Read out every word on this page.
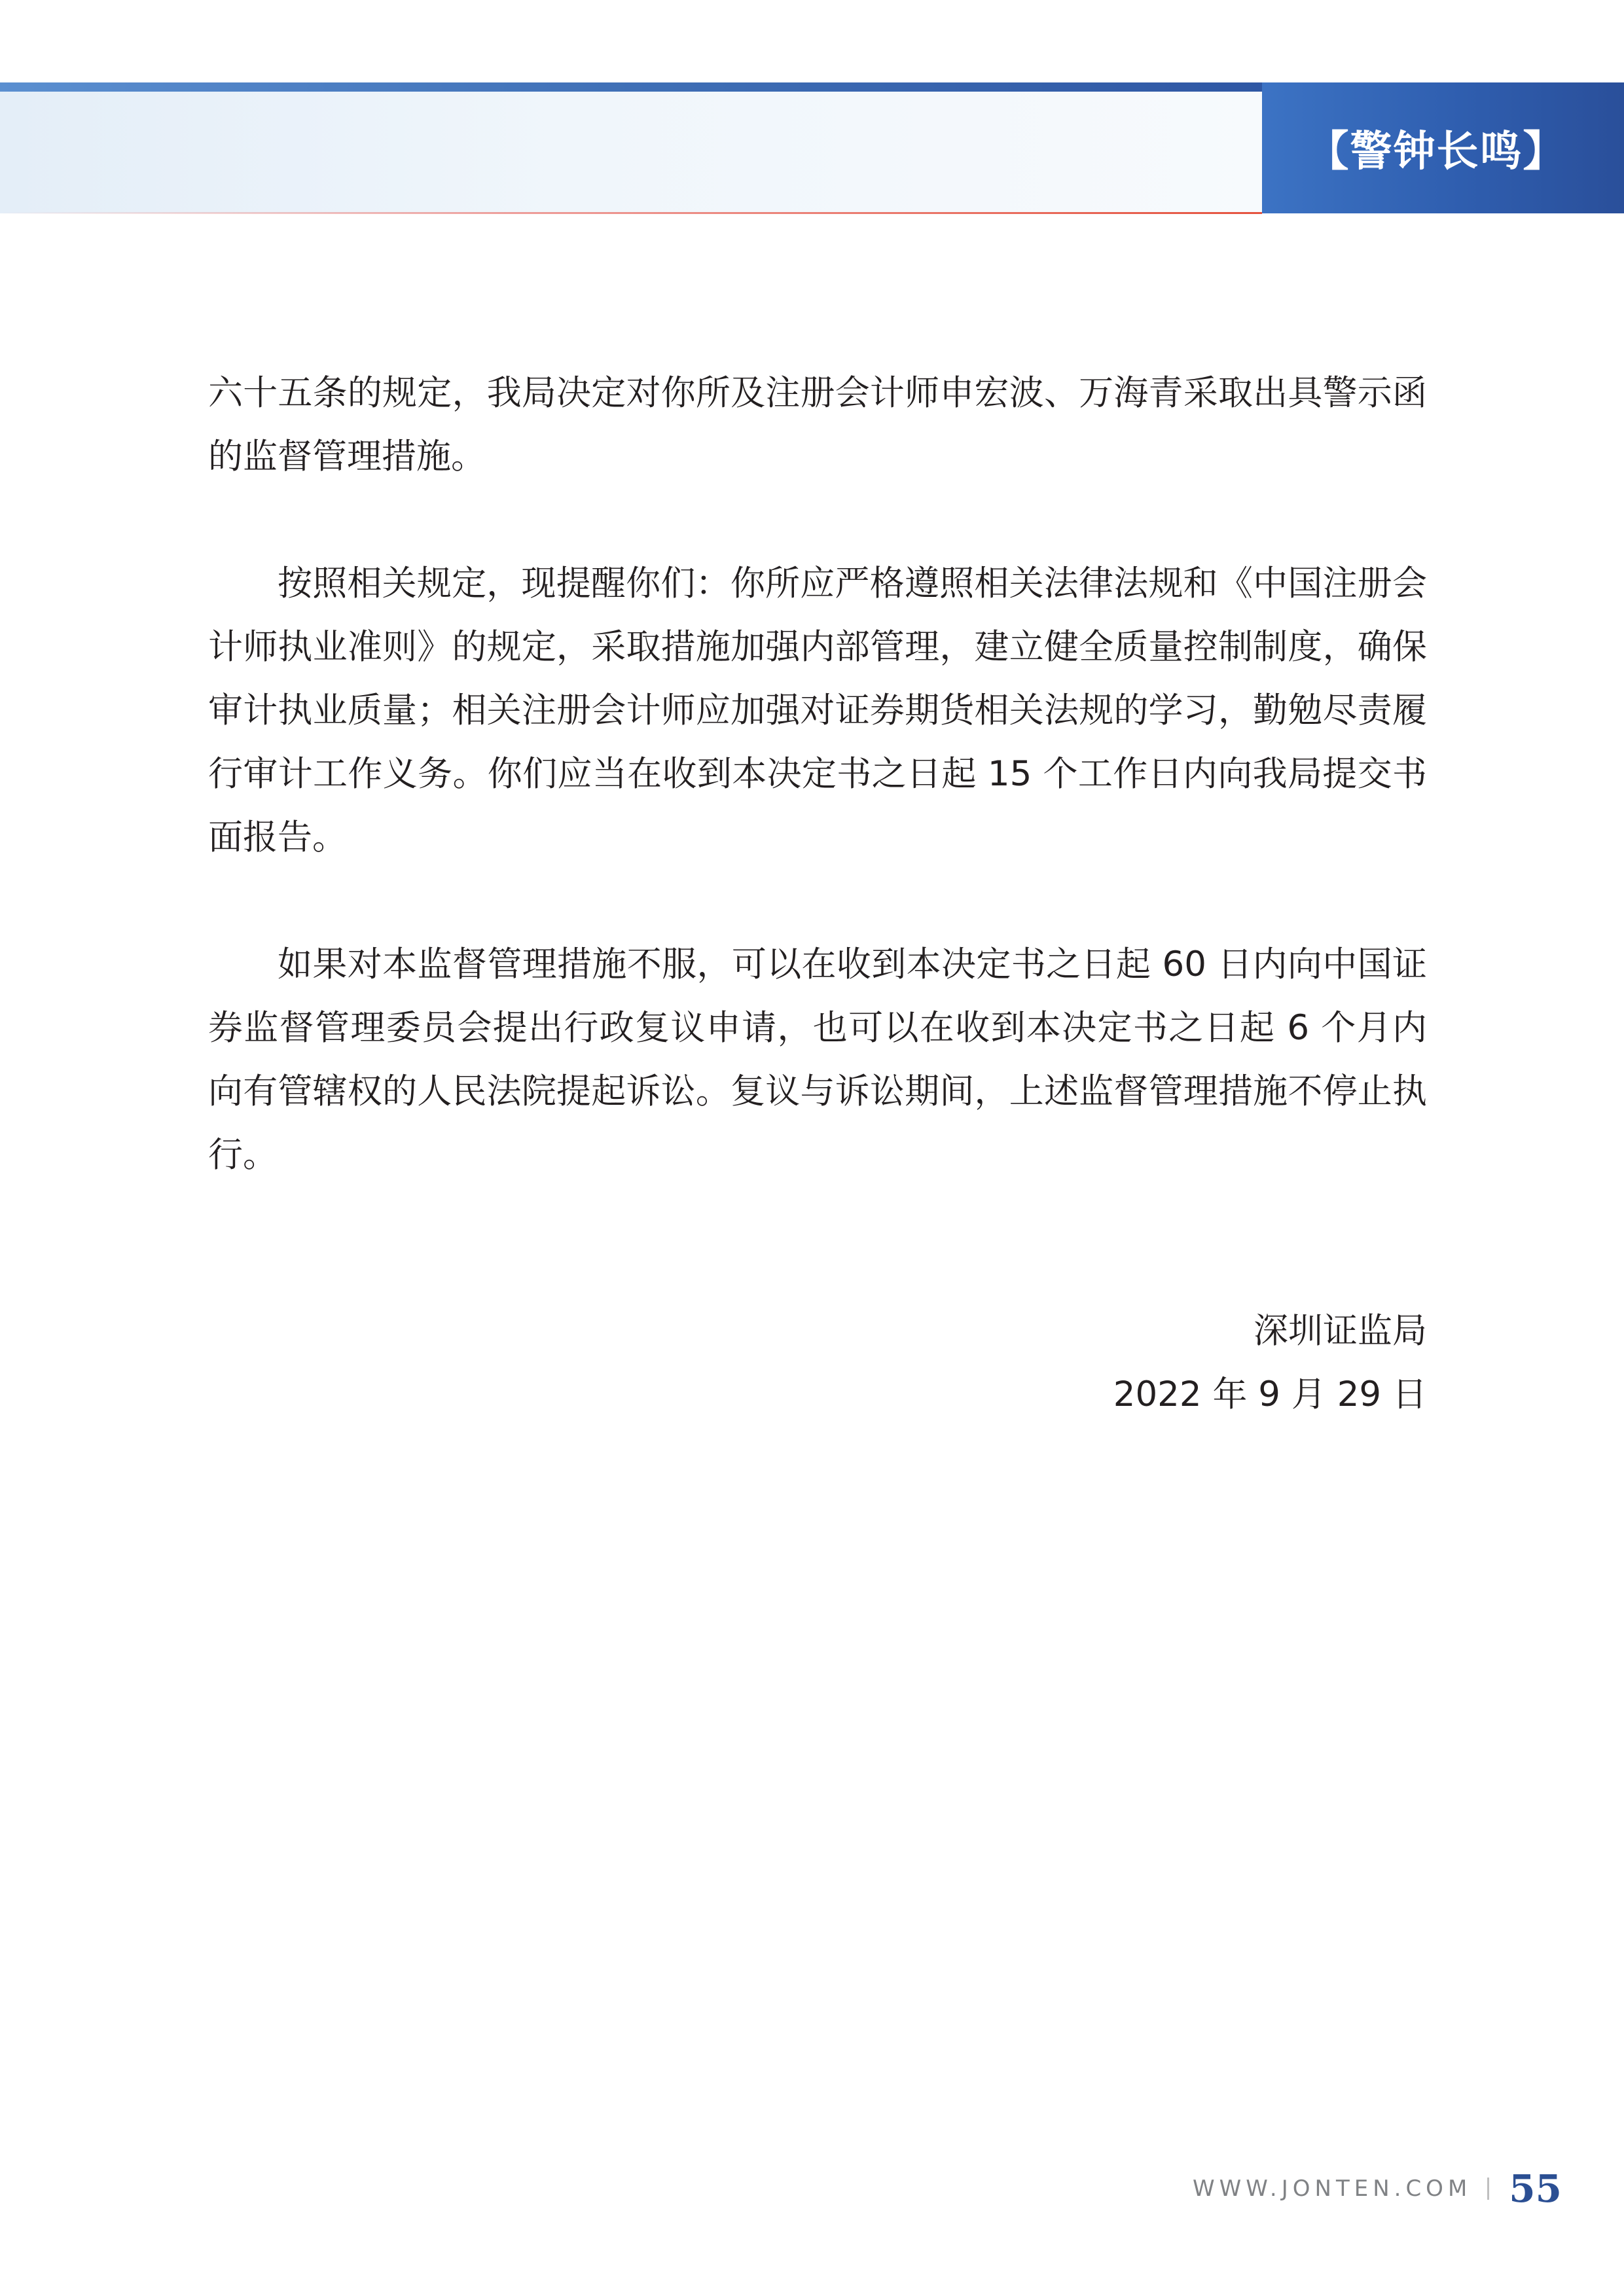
【警钟长鸣】

六十五条的规定，我局决定对你所及注册会计师申宏波、万海青采取出具警示函的监督管理措施。

按照相关规定，现提醒你们：你所应严格遵照相关法律法规和《中国注册会计师执业准则》的规定，采取措施加强内部管理，建立健全质量控制制度，确保审计执业质量；相关注册会计师应加强对证券期货相关法规的学习，勤勉尽责履行审计工作义务。你们应当在收到本决定书之日起 15 个工作日内向我局提交书面报告。

如果对本监督管理措施不服，可以在收到本决定书之日起 60 日内向中国证券监督管理委员会提出行政复议申请，也可以在收到本决定书之日起 6 个月内向有管辖权的人民法院提起诉讼。复议与诉讼期间，上述监督管理措施不停止执行。

深圳证监局
2022 年 9 月 29 日
WWW.JONTEN.COM 55
